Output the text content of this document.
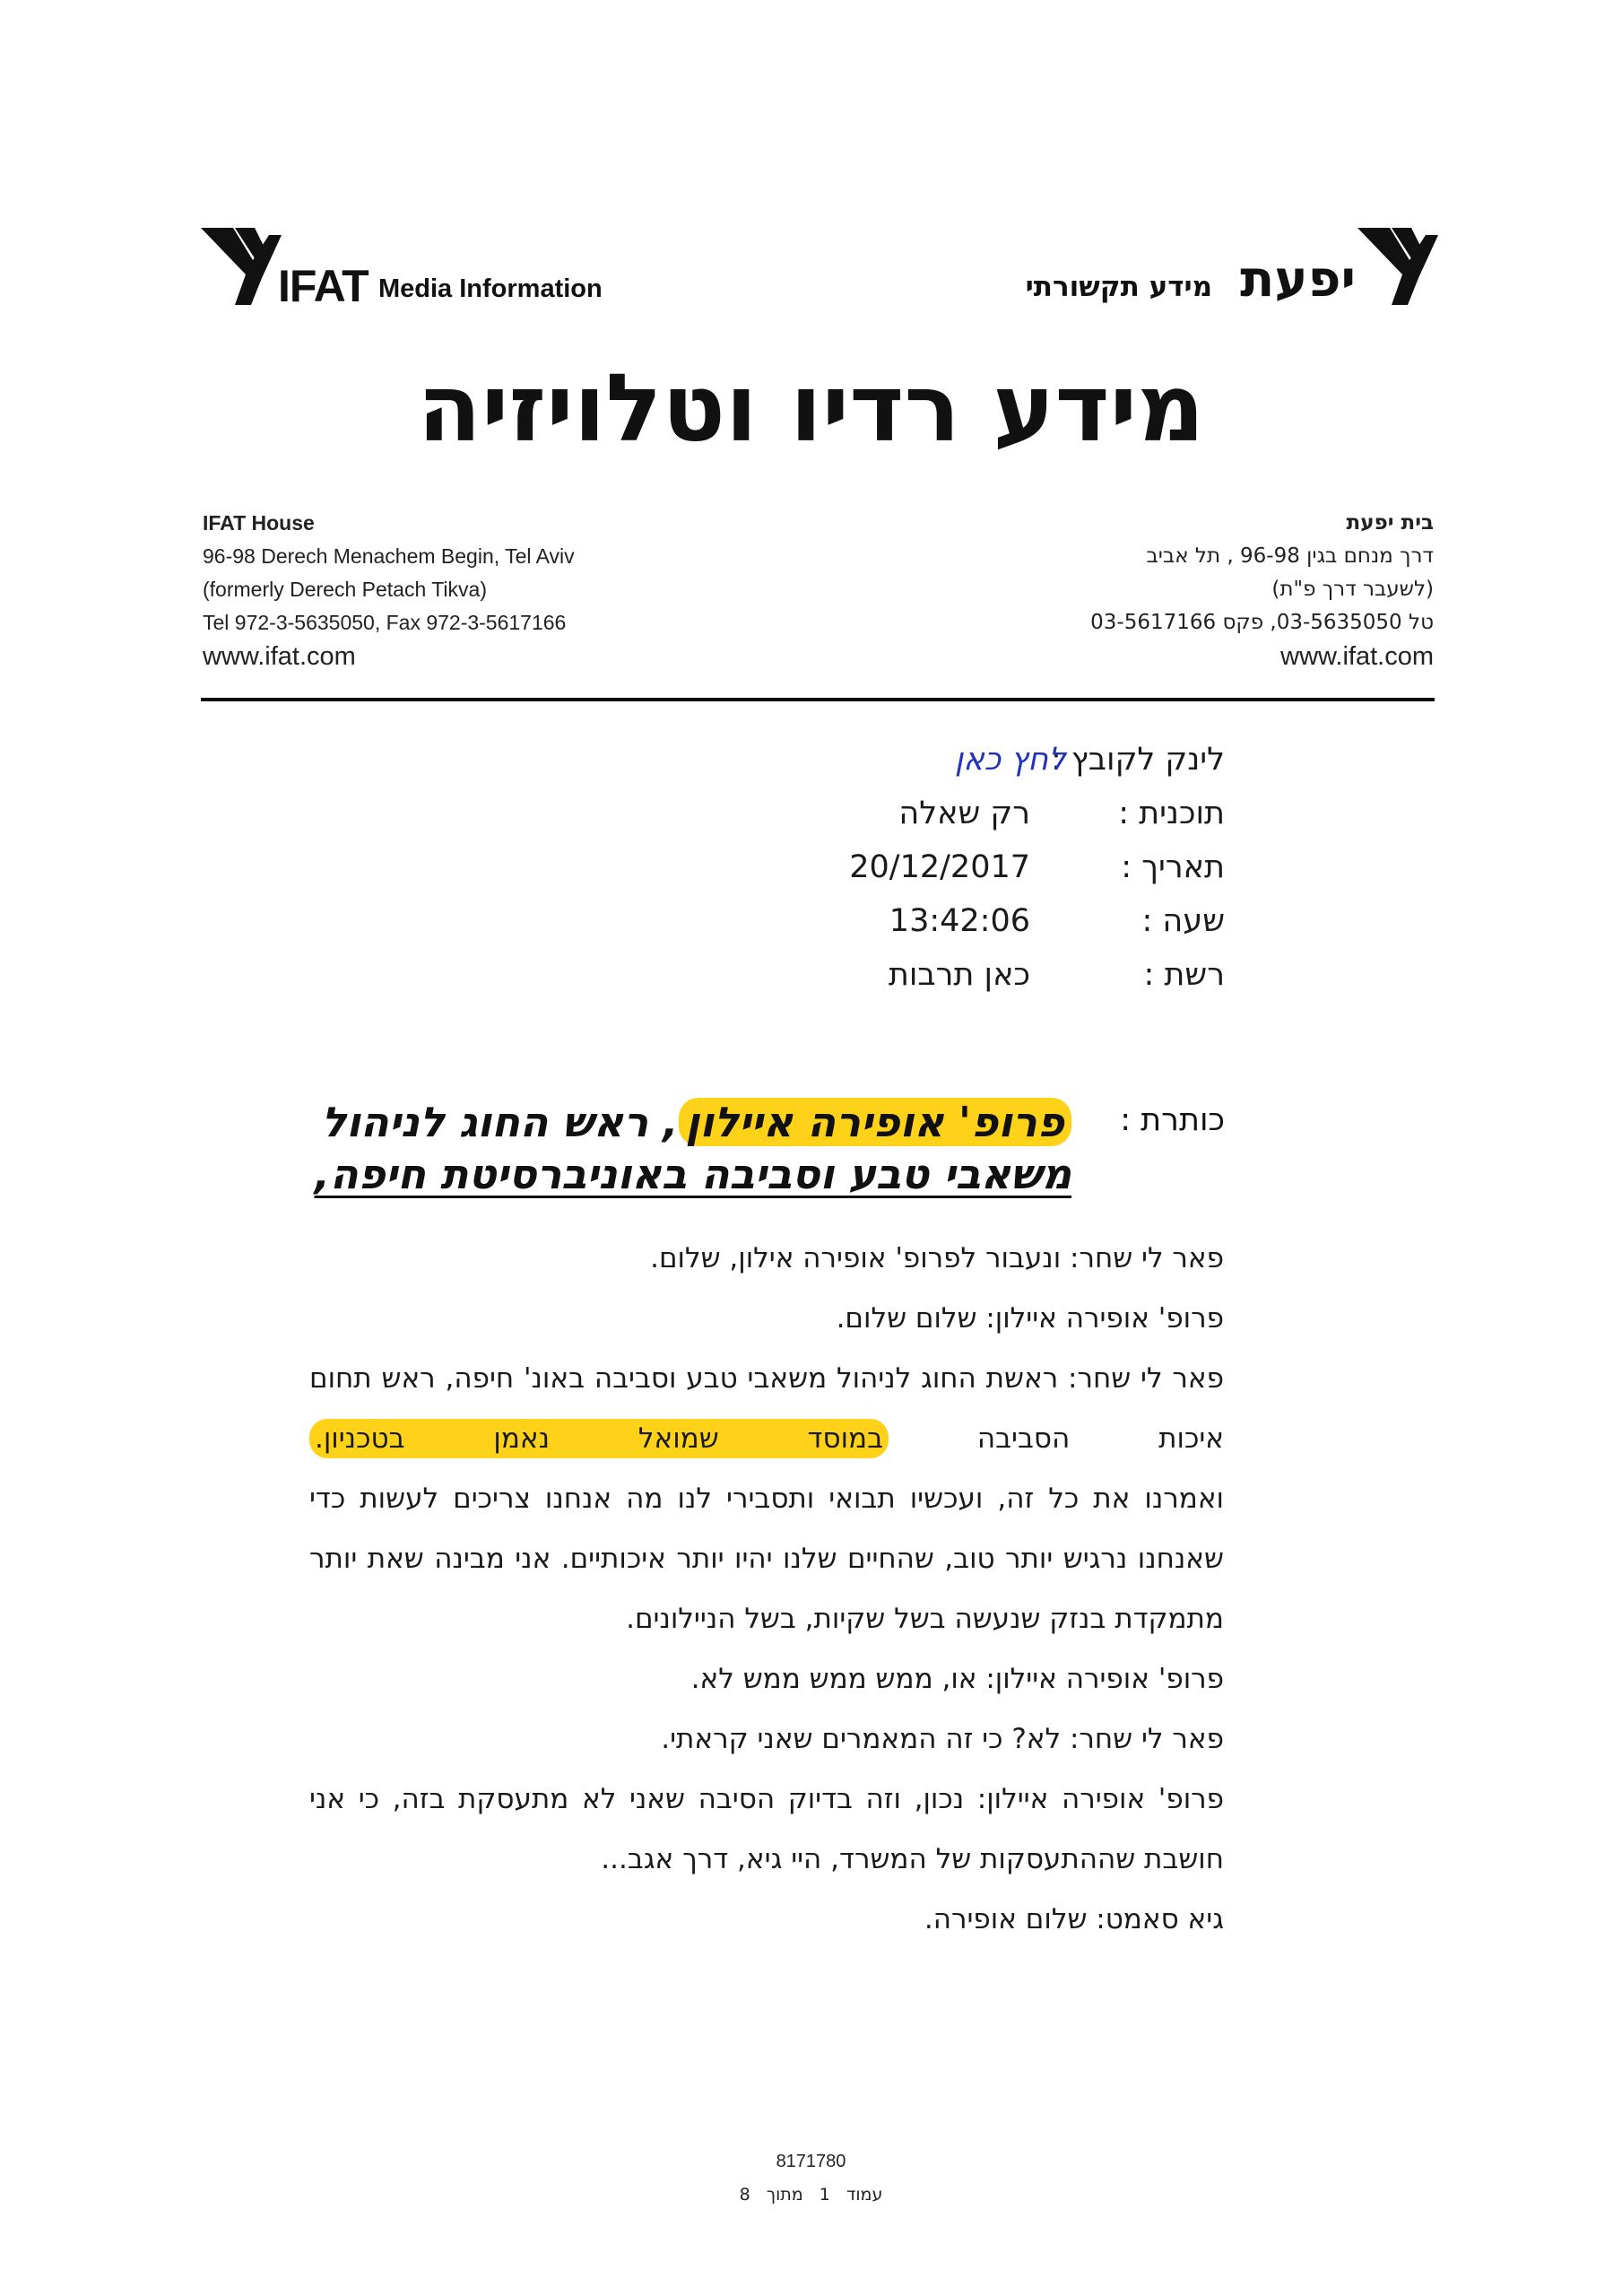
IFAT Media Information	יפעת
מידע תקשורתי
מידע רדיו וטלויזיה
IFAT House
96-98 Derech Menachem Begin, Tel Aviv
(formerly Derech Petach Tikva)
Tel 972-3-5635050, Fax 972-3-5617166
www.ifat.com
בית יפעת
דרך מנחם בגין 96-98 , תל אביב
(לשעבר דרך פ"ת)
טל 03-5635050, פקס 03-5617166
www.ifat.com
לינק לקובץ :
לחץ כאן
תוכנית :
רק שאלה
תאריך :
20/12/2017
שעה :
13:42:06
רשת :
כאן תרבות
כותרת :
פרופ' אופירה איילון, ראש החוג לניהול
משאבי טבע וסביבה באוניברסיטת חיפה,

פאר לי שחר: ונעבור לפרופ' אופירה אילון, שלום.

פרופ' אופירה איילון: שלום שלום.

פאר לי שחר: ראשת החוג לניהול משאבי טבע וסביבה באונ' חיפה, ראש תחום איכות הסביבה במוסד שמואל נאמן בטכניון.

ואמרנו את כל זה, ועכשיו תבואי ותסבירי לנו מה אנחנו צריכים לעשות כדי שאנחנו נרגיש יותר טוב, שהחיים שלנו יהיו יותר איכותיים. אני מבינה שאת יותר מתמקדת בנזק שנעשה בשל שקיות, בשל הניילונים.

פרופ' אופירה איילון: או, ממש ממש ממש לא.

פאר לי שחר: לא? כי זה המאמרים שאני קראתי.

פרופ' אופירה איילון: נכון, וזה בדיוק הסיבה שאני לא מתעסקת בזה, כי אני חושבת שההתעסקות של המשרד, היי גיא, דרך אגב...

גיא סאמט: שלום אופירה.

8171780
עמוד   1   מתוך   8
